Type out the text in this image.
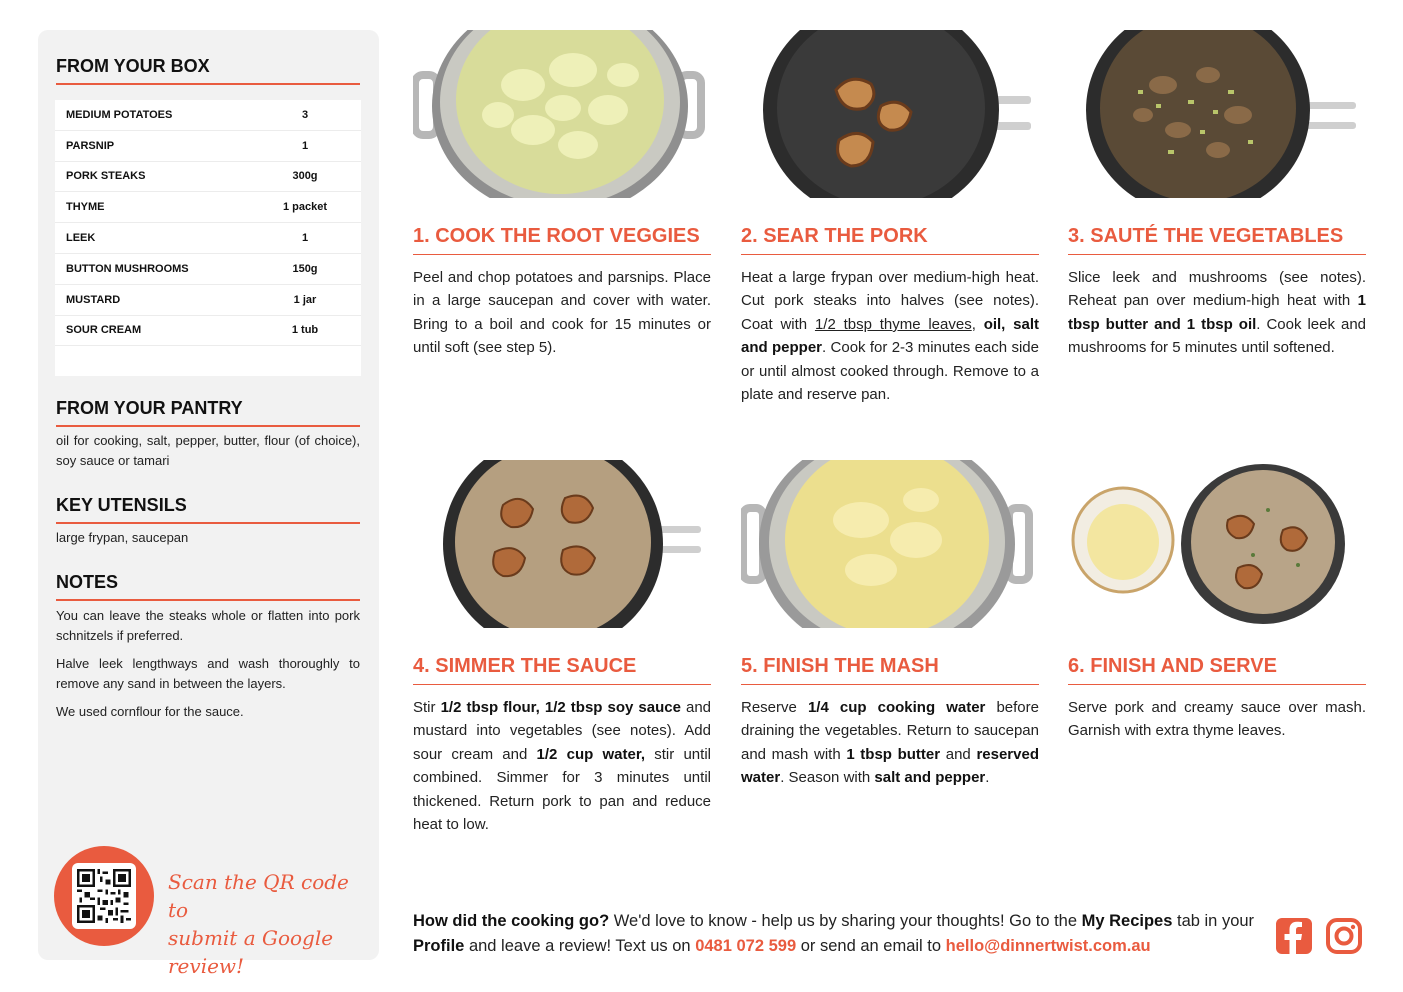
FROM YOUR BOX
MEDIUM POTATOES	3
PARSNIP	1
PORK STEAKS	300g
THYME	1 packet
LEEK	1
BUTTON MUSHROOMS	150g
MUSTARD	1 jar
SOUR CREAM	1 tub
FROM YOUR PANTRY
oil for cooking, salt, pepper, butter, flour (of choice), soy sauce or tamari
KEY UTENSILS
large frypan, saucepan
NOTES
You can leave the steaks whole or flatten into pork schnitzels if preferred.
Halve leek lengthways and wash thoroughly to remove any sand in between the layers.
We used cornflour for the sauce.
Scan the QR code to
submit a Google review!
1. COOK THE ROOT VEGGIES
Peel and chop potatoes and parsnips. Place in a large saucepan and cover with water. Bring to a boil and cook for 15 minutes or until soft (see step 5).
2. SEAR THE PORK
Heat a large frypan over medium-high heat. Cut pork steaks into halves (see notes). Coat with 1/2 tbsp thyme leaves, oil, salt and pepper. Cook for 2-3 minutes each side or until almost cooked through. Remove to a plate and reserve pan.
3. SAUTÉ THE VEGETABLES
Slice leek and mushrooms (see notes). Reheat pan over medium-high heat with 1 tbsp butter and 1 tbsp oil. Cook leek and mushrooms for 5 minutes until softened.
4. SIMMER THE SAUCE
Stir 1/2 tbsp flour, 1/2 tbsp soy sauce and mustard into vegetables (see notes). Add sour cream and 1/2 cup water, stir until combined. Simmer for 3 minutes until thickened. Return pork to pan and reduce heat to low.
5. FINISH THE MASH
Reserve 1/4 cup cooking water before draining the vegetables. Return to saucepan and mash with 1 tbsp butter and reserved water. Season with salt and pepper.
6. FINISH AND SERVE
Serve pork and creamy sauce over mash. Garnish with extra thyme leaves.
How did the cooking go? We'd love to know - help us by sharing your thoughts! Go to the My Recipes tab in your Profile and leave a review! Text us on 0481 072 599 or send an email to hello@dinnertwist.com.au
